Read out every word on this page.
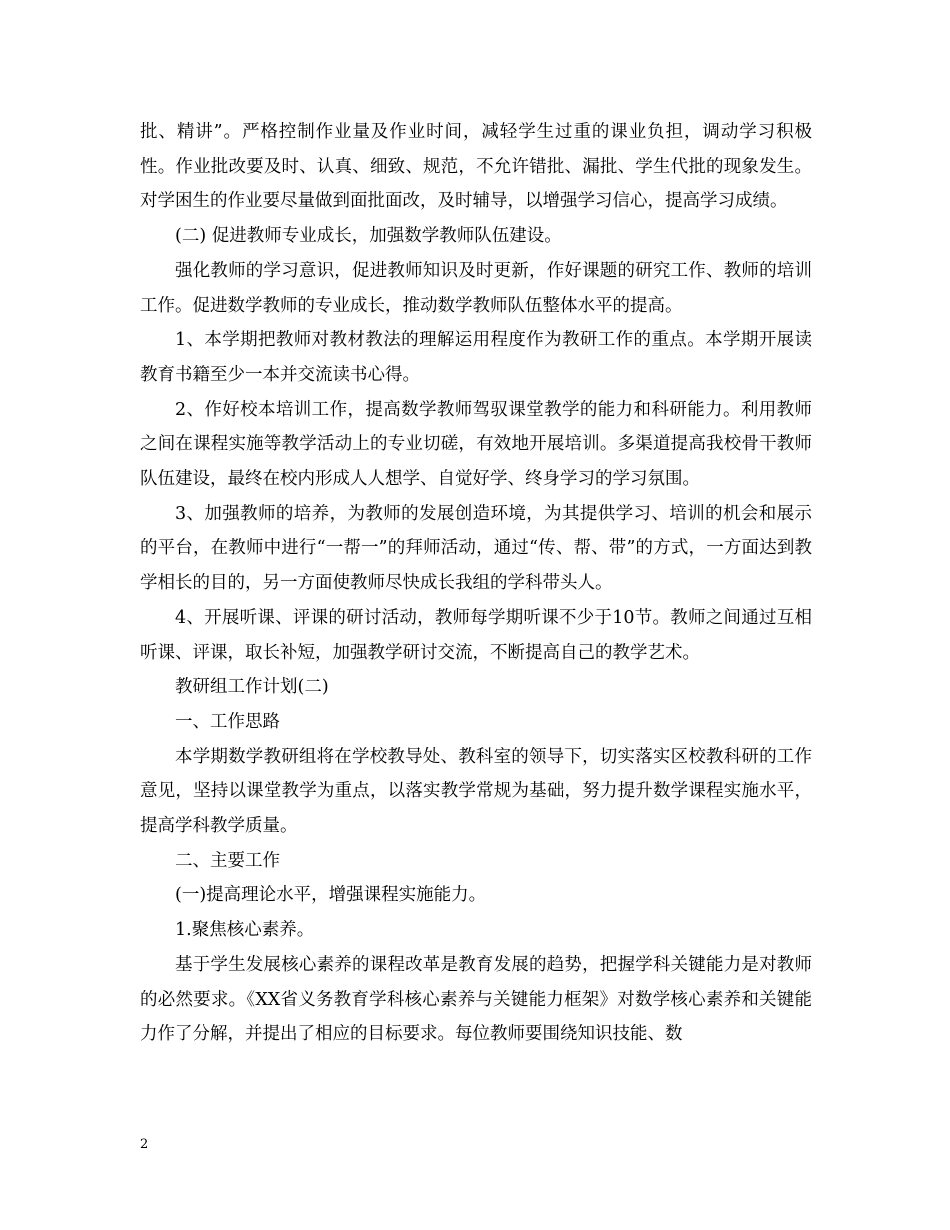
批、精讲”。严格控制作业量及作业时间，减轻学生过重的课业负担，调动学习积极性。作业批改要及时、认真、细致、规范，不允许错批、漏批、学生代批的现象发生。对学困生的作业要尽量做到面批面改，及时辅导，以增强学习信心，提高学习成绩。

(二) 促进教师专业成长，加强数学教师队伍建设。

强化教师的学习意识，促进教师知识及时更新，作好课题的研究工作、教师的培训工作。促进数学教师的专业成长，推动数学教师队伍整体水平的提高。

1、本学期把教师对教材教法的理解运用程度作为教研工作的重点。本学期开展读教育书籍至少一本并交流读书心得。

2、作好校本培训工作，提高数学教师驾驭课堂教学的能力和科研能力。利用教师之间在课程实施等教学活动上的专业切磋，有效地开展培训。多渠道提高我校骨干教师队伍建设，最终在校内形成人人想学、自觉好学、终身学习的学习氛围。

3、加强教师的培养，为教师的发展创造环境，为其提供学习、培训的机会和展示的平台，在教师中进行“一帮一”的拜师活动，通过“传、帮、带”的方式，一方面达到教学相长的目的，另一方面使教师尽快成长我组的学科带头人。

4、开展听课、评课的研讨活动，教师每学期听课不少于10节。教师之间通过互相听课、评课，取长补短，加强教学研讨交流，不断提高自己的教学艺术。

教研组工作计划(二)

一、工作思路

本学期数学教研组将在学校教导处、教科室的领导下，切实落实区校教科研的工作意见，坚持以课堂教学为重点，以落实教学常规为基础，努力提升数学课程实施水平，提高学科教学质量。

二、主要工作

(一)提高理论水平，增强课程实施能力。

1.聚焦核心素养。

基于学生发展核心素养的课程改革是教育发展的趋势，把握学科关键能力是对教师的必然要求。《XX省义务教育学科核心素养与关键能力框架》对数学核心素养和关键能力作了分解，并提出了相应的目标要求。每位教师要围绕知识技能、数

2
